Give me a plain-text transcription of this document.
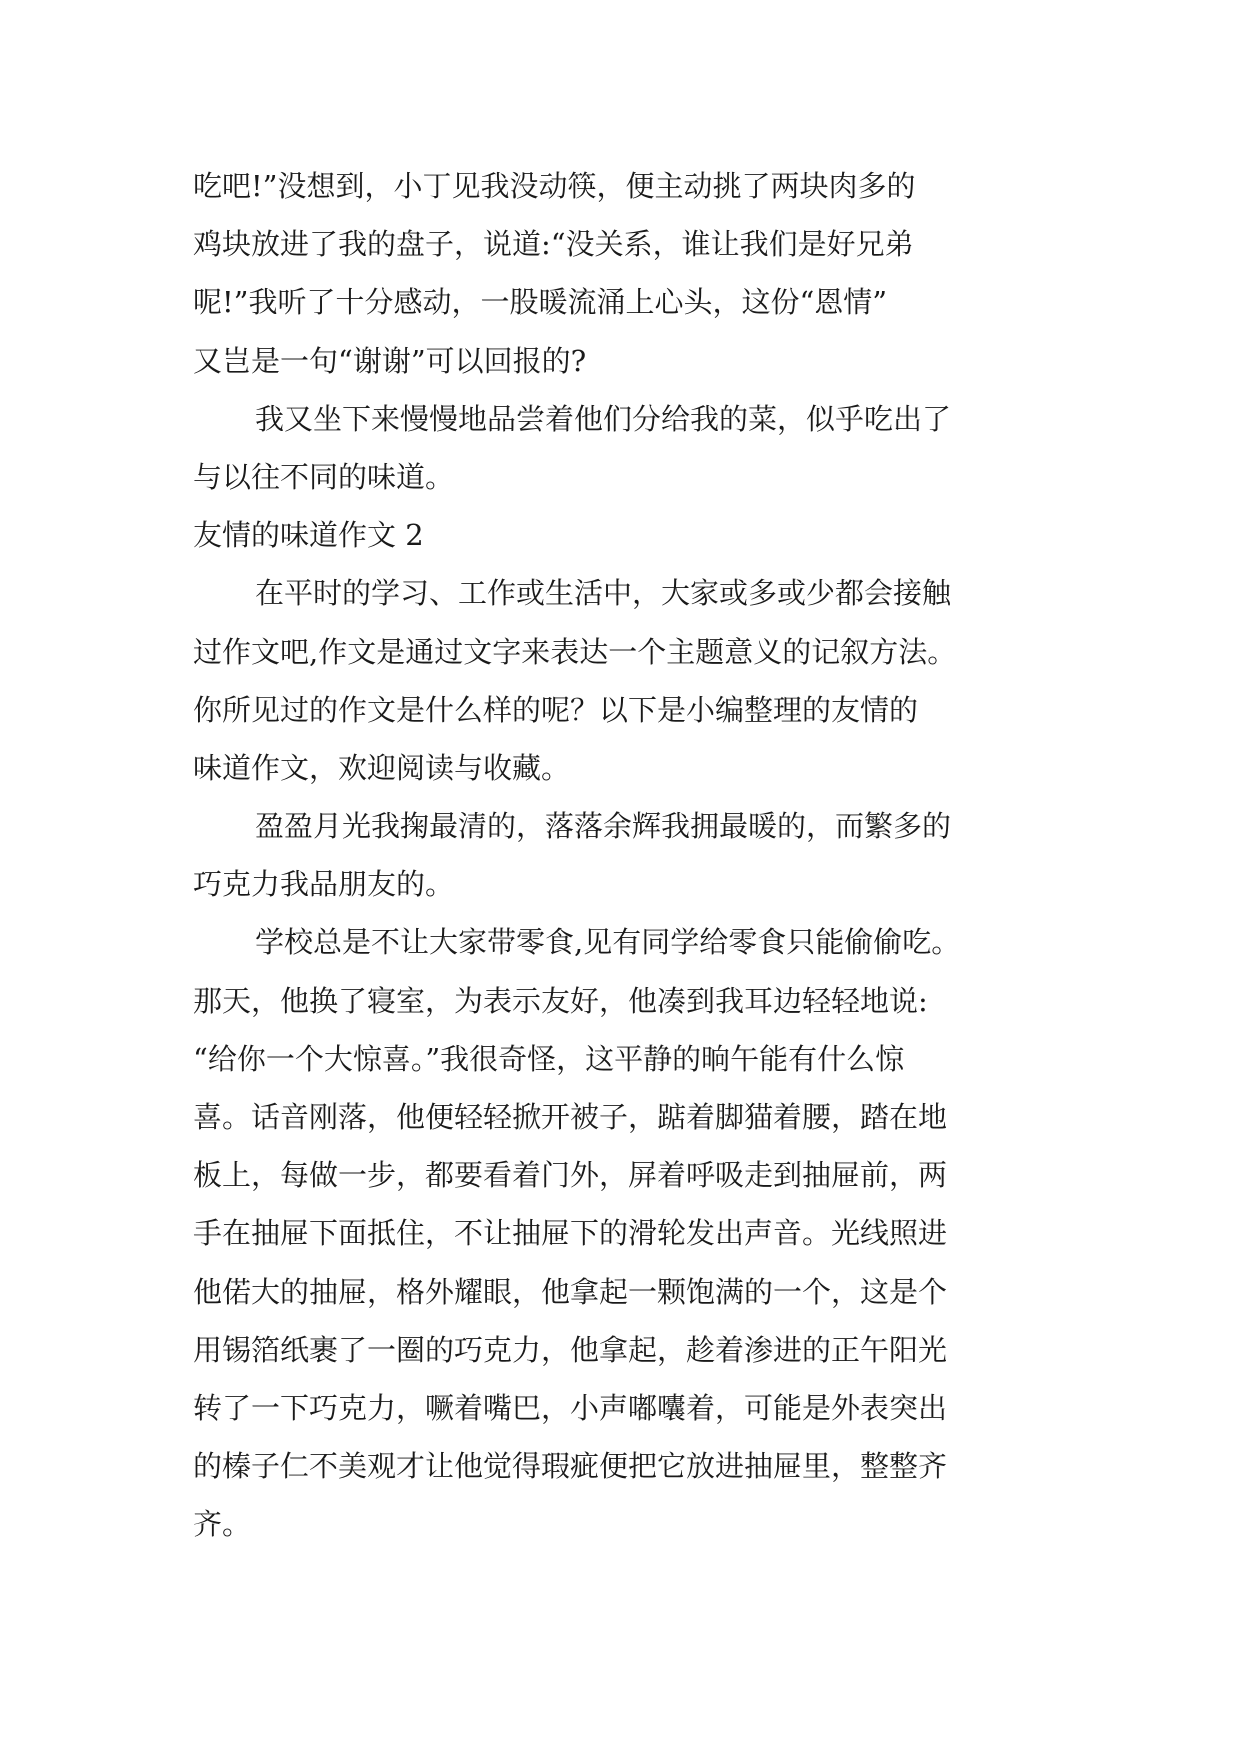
吃吧!”没想到，小丁见我没动筷，便主动挑了两块肉多的
鸡块放进了我的盘子，说道:“没关系，谁让我们是好兄弟
呢!”我听了十分感动，一股暖流涌上心头，这份“恩情”
又岂是一句“谢谢”可以回报的?
我又坐下来慢慢地品尝着他们分给我的菜，似乎吃出了
与以往不同的味道。
友情的味道作文 2
在平时的学习、工作或生活中，大家或多或少都会接触
过作文吧,作文是通过文字来表达一个主题意义的记叙方法。
你所见过的作文是什么样的呢？以下是小编整理的友情的
味道作文，欢迎阅读与收藏。
盈盈月光我掬最清的，落落余辉我拥最暖的，而繁多的
巧克力我品朋友的。
学校总是不让大家带零食,见有同学给零食只能偷偷吃。
那天，他换了寝室，为表示友好，他凑到我耳边轻轻地说:
“给你一个大惊喜。”我很奇怪，这平静的晌午能有什么惊
喜。话音刚落，他便轻轻掀开被子，踮着脚猫着腰，踏在地
板上，每做一步，都要看着门外，屏着呼吸走到抽屉前，两
手在抽屉下面抵住，不让抽屉下的滑轮发出声音。光线照进
他偌大的抽屉，格外耀眼，他拿起一颗饱满的一个，这是个
用锡箔纸裹了一圈的巧克力，他拿起，趁着渗进的正午阳光
转了一下巧克力，噘着嘴巴，小声嘟囔着，可能是外表突出
的榛子仁不美观才让他觉得瑕疵便把它放进抽屉里，整整齐
齐。
